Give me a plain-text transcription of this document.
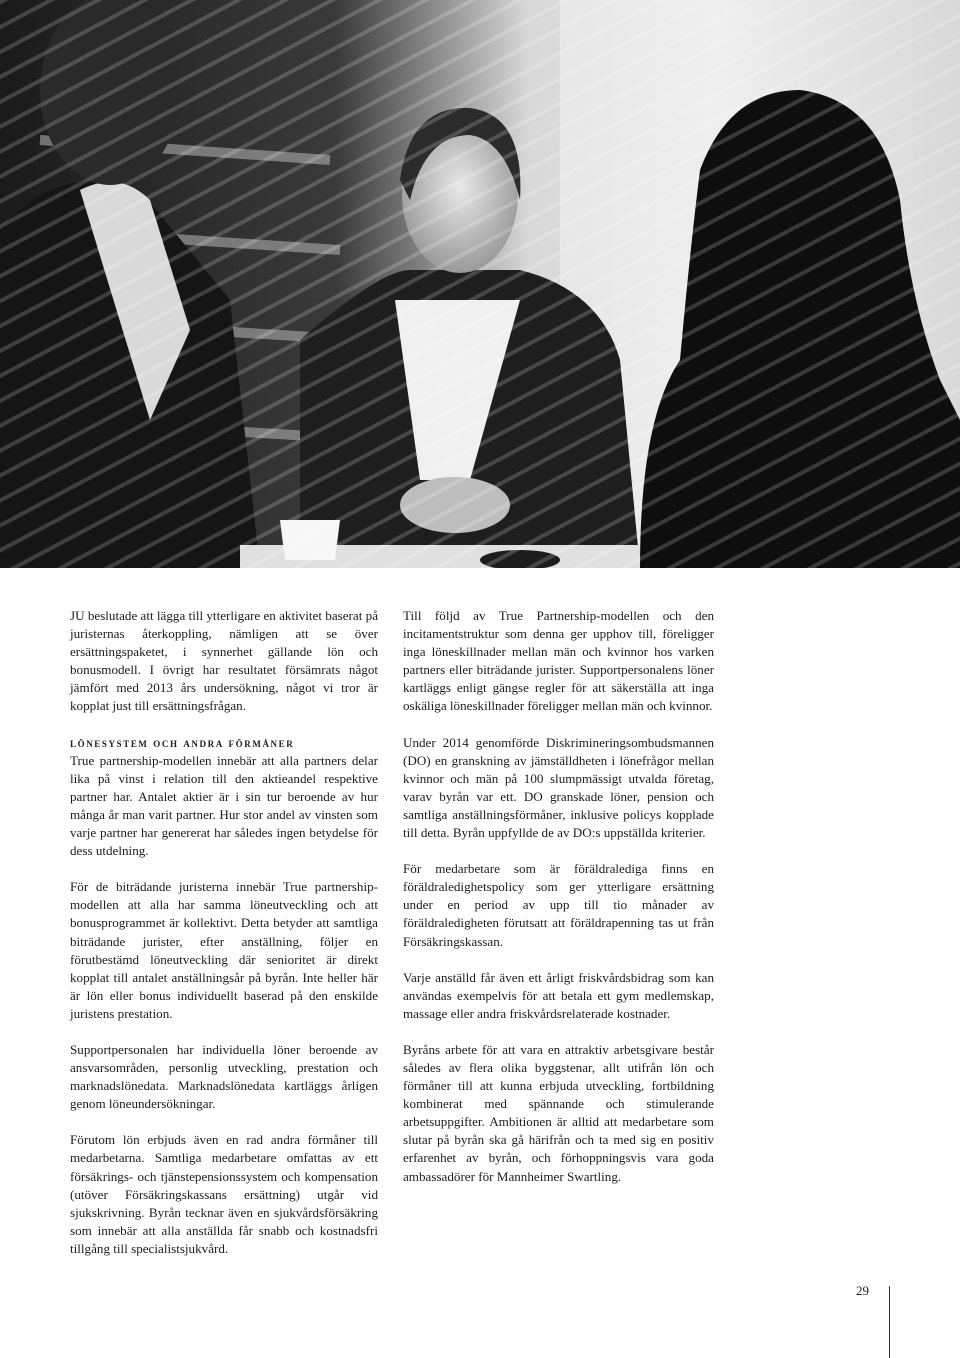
JU beslutade att lägga till ytterligare en aktivitet baserat på juristernas återkoppling, nämligen att se över ersättningspaketet, i synnerhet gällande lön och bonusmodell. I övrigt har resultatet försämrats något jämfört med 2013 års undersökning, något vi tror är kopplat just till ersättningsfrågan.

lönesystem och andra förmåner

True partnership-modellen innebär att alla partners delar lika på vinst i relation till den aktieandel respektive partner har. Antalet aktier är i sin tur beroende av hur många år man varit partner. Hur stor andel av vinsten som varje partner har genererat har således ingen betydelse för dess utdelning.

För de biträdande juristerna innebär True partnership-modellen att alla har samma löneutveckling och att bonusprogrammet är kollektivt. Detta betyder att samtliga biträdande jurister, efter anställning, följer en förutbestämd löneutveckling där senioritet är direkt kopplat till antalet anställningsår på byrån. Inte heller här är lön eller bonus individuellt baserad på den enskilde juristens prestation.

Supportpersonalen har individuella löner beroende av ansvarsområden, personlig utveckling, prestation och marknadslönedata. Marknadslönedata kartläggs årligen genom löneundersökningar.

Förutom lön erbjuds även en rad andra förmåner till medarbetarna. Samtliga medarbetare omfattas av ett försäkrings- och tjänstepensionssystem och kompensation (utöver Försäkringskassans ersättning) utgår vid sjukskrivning. Byrån tecknar även en sjukvårdsförsäkring som innebär att alla anställda får snabb och kostnadsfri tillgång till specialistsjukvård.

Till följd av True Partnership-modellen och den incitamentstruktur som denna ger upphov till, föreligger inga löneskillnader mellan män och kvinnor hos varken partners eller biträdande jurister. Supportpersonalens löner kartläggs enligt gängse regler för att säkerställa att inga oskäliga löneskillnader föreligger mellan män och kvinnor.

Under 2014 genomförde Diskrimineringsombudsmannen (DO) en granskning av jämställdheten i lönefrågor mellan kvinnor och män på 100 slumpmässigt utvalda företag, varav byrån var ett. DO granskade löner, pension och samtliga anställningsförmåner, inklusive policys kopplade till detta. Byrån uppfyllde de av DO:s uppställda kriterier.

För medarbetare som är föräldralediga finns en föräldraledighetspolicy som ger ytterligare ersättning under en period av upp till tio månader av föräldraledigheten förutsatt att föräldrapenning tas ut från Försäkringskassan.

Varje anställd får även ett årligt friskvårdsbidrag som kan användas exempelvis för att betala ett gym medlemskap, massage eller andra friskvårdsrelaterade kostnader.

Byråns arbete för att vara en attraktiv arbetsgivare består således av flera olika byggstenar, allt utifrån lön och förmåner till att kunna erbjuda utveckling, fortbildning kombinerat med spännande och stimulerande arbetsuppgifter. Ambitionen är alltid att medarbetare som slutar på byrån ska gå härifrån och ta med sig en positiv erfarenhet av byrån, och förhoppningsvis vara goda ambassadörer för Mannheimer Swartling.

29
